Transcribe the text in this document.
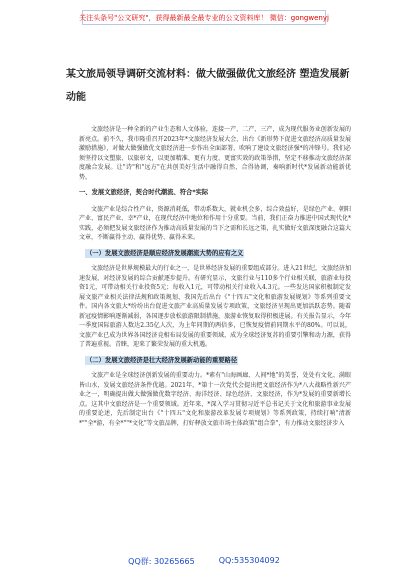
关注头条号"公文研究"，获得最新最全最专业的公文资料库！ 微信：gongwenyj
某文旅局领导调研交流材料：做大做强做优文旅经济 塑造发展新动能

文旅经济是一种全新的产业生态和人文体验，连接一产、二产、三产，成为现代服务业创新发展的新亮点。前不久，我市隆重召开2023年*文旅经济发展大会，出台《新形势下促进文旅经济高质量发展激励措施》，对做大做强做优文旅经济进一步作出全面部署，吹响了建设文旅经济强*的冲锋号。我们必须坚持以文塑旅、以旅彰文，以更加精准、更有力度、更富实效的政策举措，坚定不移推动文旅经济深度融合发展。让"诗"和"远方"在共创美好生活中融得自然、合得协调，奏响新时代*发展新动能新优势。

一、发展文旅经济，契合时代潮流、符合*实际

文旅产业是综合性产业，资源消耗低，带动系数大，就业机会多，综合效益好，是绿色产业、朝阳产业、富民产业、幸*产业，在现代经济中地位和作用十分重要。当前，我们正奋力推进中国式现代化*实践，必须把发展文旅经济作为推动高质量发展的当下之需和长远之策，扎实做好文旅深度融合这篇大文章，不断赢得主动、赢得优势、赢得未来。

（一）发展文旅经济是顺应经济发展潮流大势的应有之义

文旅经济是世界规模最大的行业之一，是世界经济发展的重要组成部分。进入21世纪，文旅经济加速发展，对经济发展的综合贡献逐步提升。有研究显示，文旅行业与110多个行业相关联，旅游业每投资1元，可带动相关行业投资5元；每收入1元，可带动相关行业收入4.3元。一些发达国家积极制定发展文旅产业相关法律法规和政策规划，我国先后出台《"十四五"文化和旅游发展规划》等系列重要文件。国内各文旅大*纷纷出台促进文旅产业高质量发展专项政策，文旅经济呈现出更加活跃态势。随着新冠疫情影响逐渐减弱，各国逐步放松旅游限制措施，旅游业恢复取得积极进展。有关报告显示，今年一季度国际旅游人数达2.35亿人次，为上年同期的两倍多，已恢复疫情前同期水平的80%。可以说，文旅产业已成为世界各国经济竞相布局发展的重要领域，成为全球经济复苏的重要引擎和动力源，获得了普遍重视。青睐，迎来了繁荣发展的重大机遇。

（二）发展文旅经济是壮大经济发展新动能的重要路径

文旅产业是全球经济创新发展的重要动力。*素有"山海画廊、人间*地"的美誉，处处有文化、满眼皆山水，发展文旅经济条件优越。2021年，*第十一次党代会提出把文旅经济作为*八大战略性新兴产业之一，明确提出做大做强做优数字经济、海洋经济、绿色经济、文旅经济，作为*发展的重要新增长点。这其中文旅经济是一个重要领域。近年来，*深入学习贯彻习近平总书记关于文化和旅游事业发展的重要论述，先后制定出台《"十四五"文化和旅游改革发展专项规划》等系列政策，持续打响"清新*""全*游，有全*""*文化"等文旅品牌，打好释放文旅市场主体政策"组合拳"，有力推动文旅经济步入

QQ群: 30265665	QQ:535304092
